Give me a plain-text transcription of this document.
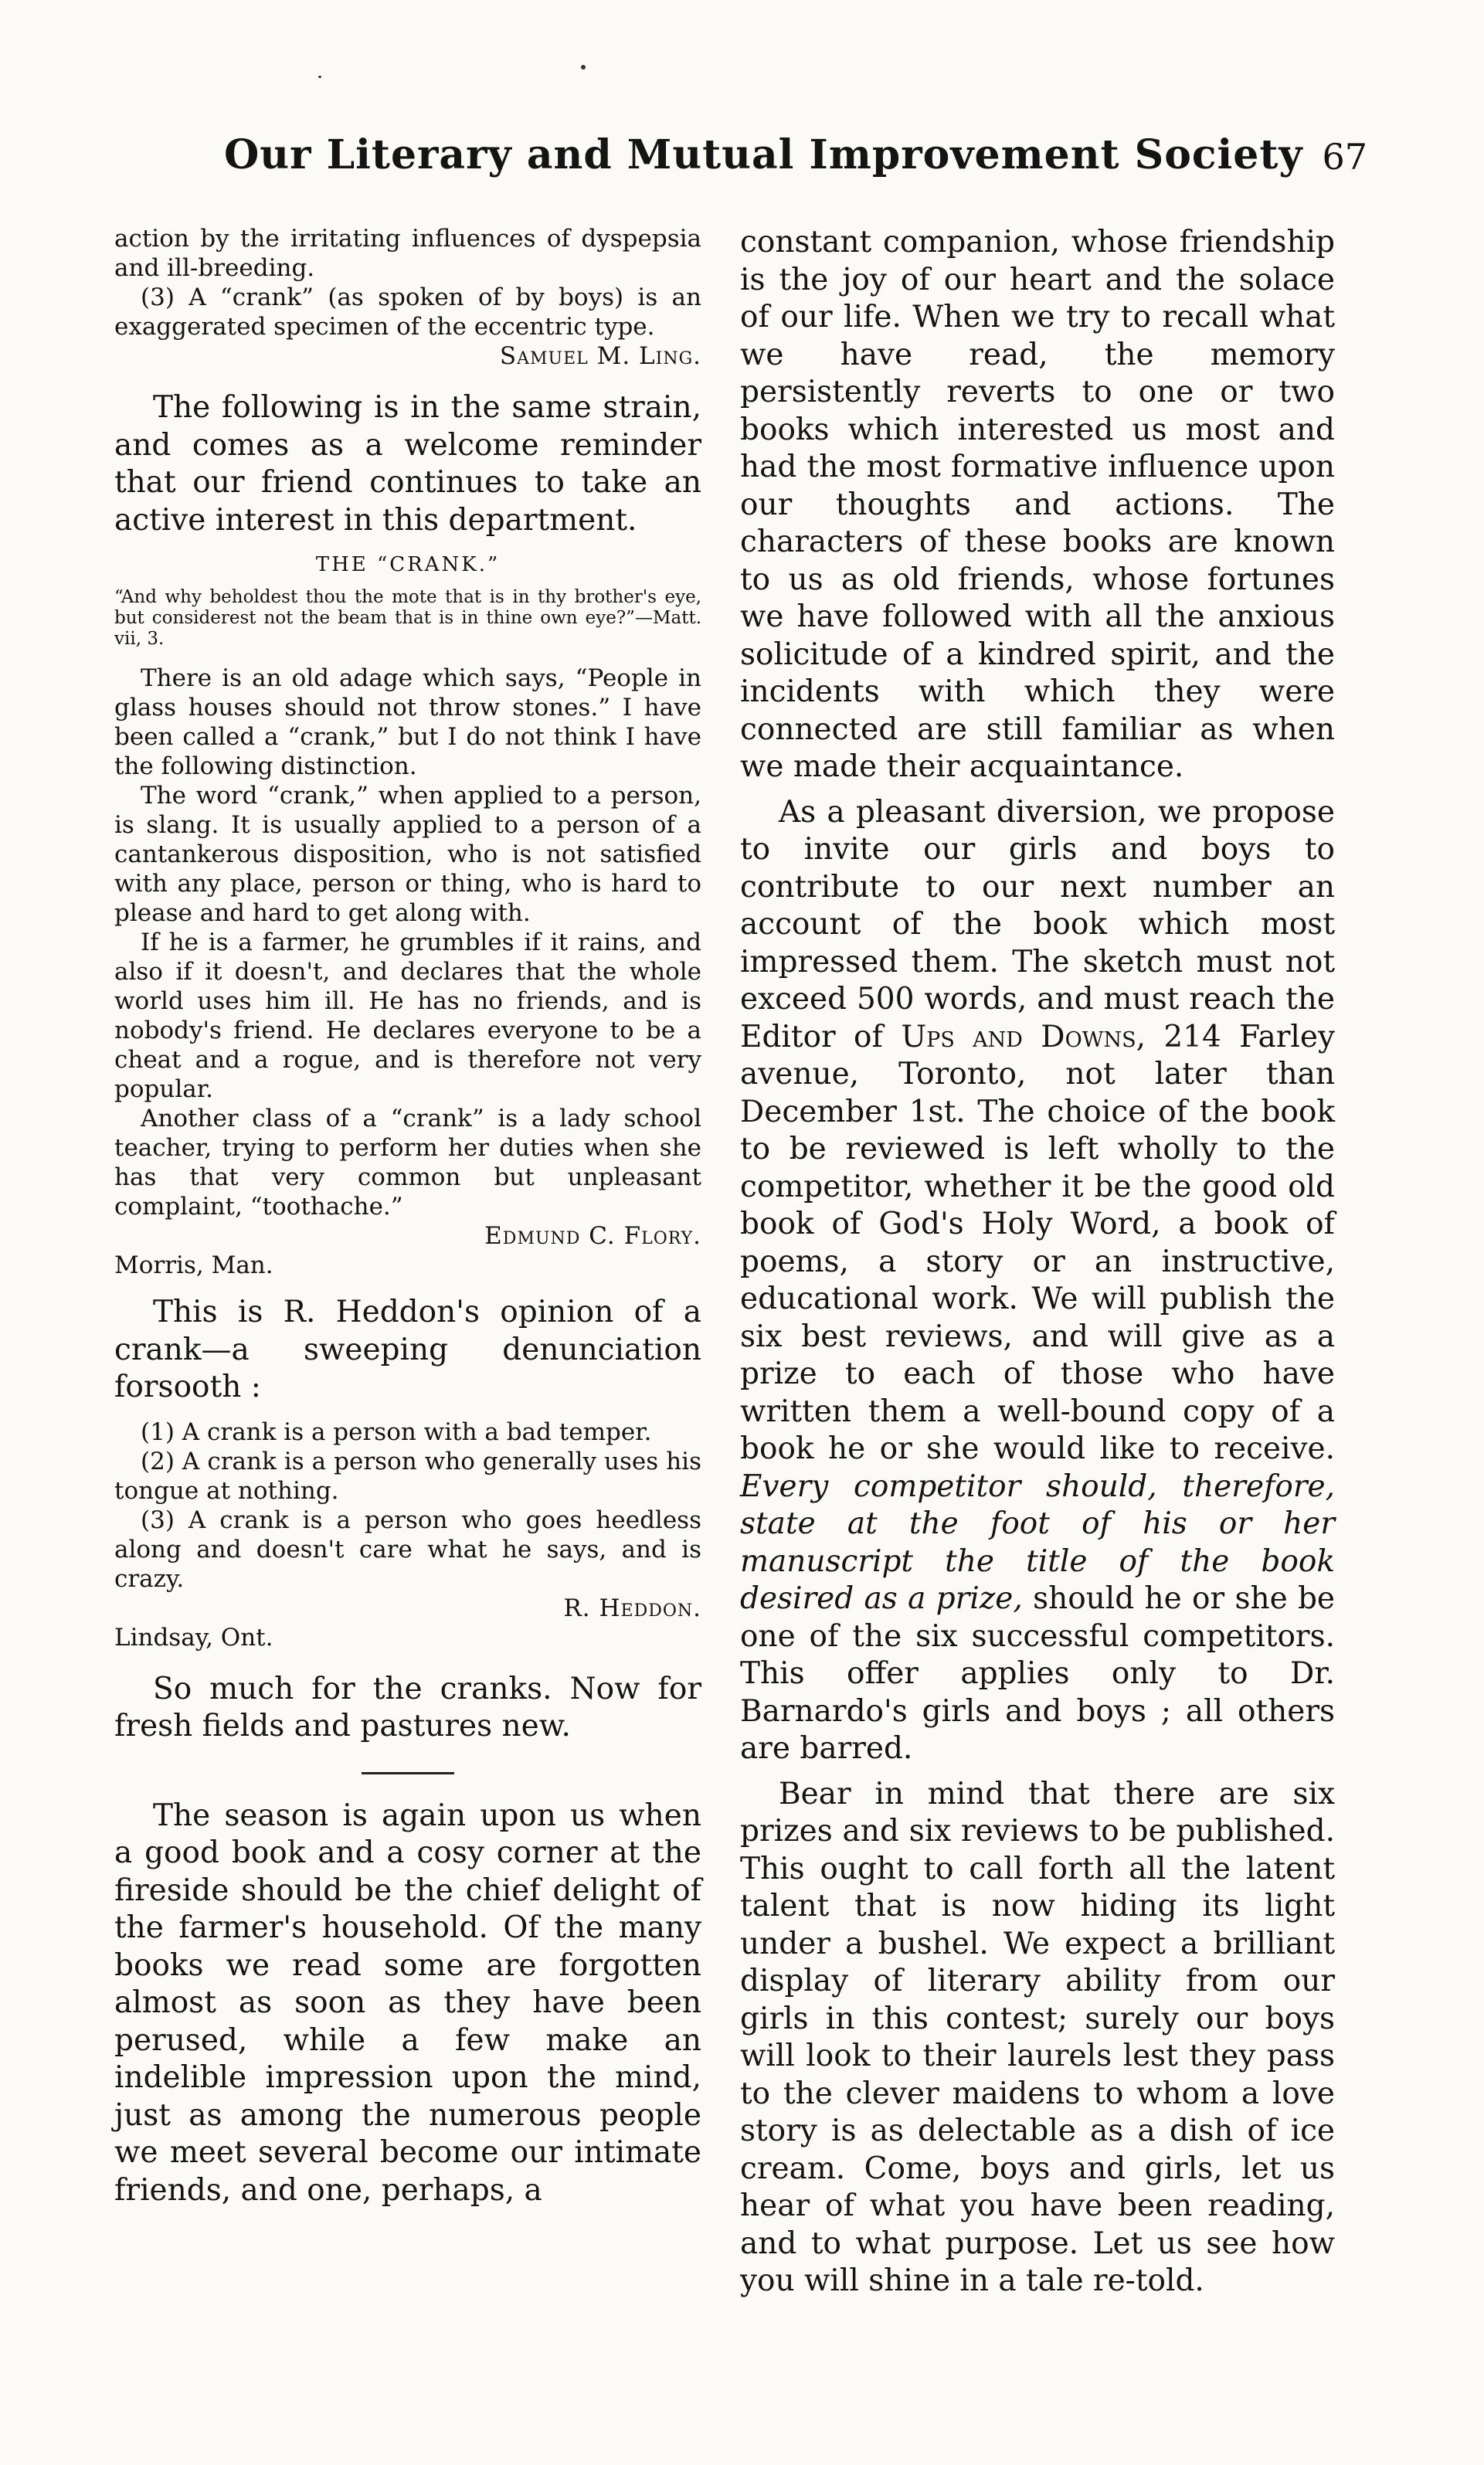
Our Literary and Mutual Improvement Society 67

action by the irritating influences of dyspepsia and ill-breeding.

(3) A “crank” (as spoken of by boys) is an exaggerated specimen of the eccentric type.

Samuel M. Ling.

The following is in the same strain, and comes as a welcome reminder that our friend continues to take an active interest in this department.

THE “CRANK.”

“And why beholdest thou the mote that is in thy brother's eye, but considerest not the beam that is in thine own eye?”—Matt. vii, 3.

There is an old adage which says, “People in glass houses should not throw stones.” I have been called a “crank,” but I do not think I have the following distinction.

The word “crank,” when applied to a person, is slang. It is usually applied to a person of a cantankerous disposition, who is not satisfied with any place, person or thing, who is hard to please and hard to get along with.

If he is a farmer, he grumbles if it rains, and also if it doesn't, and declares that the whole world uses him ill. He has no friends, and is nobody's friend. He declares everyone to be a cheat and a rogue, and is therefore not very popular.

Another class of a “crank” is a lady school teacher, trying to perform her duties when she has that very common but unpleasant complaint, “toothache.”

Edmund C. Flory.

Morris, Man.

This is R. Heddon's opinion of a crank—a sweeping denunciation forsooth :

(1) A crank is a person with a bad temper.

(2) A crank is a person who generally uses his tongue at nothing.

(3) A crank is a person who goes heedless along and doesn't care what he says, and is crazy.

R. Heddon.

Lindsay, Ont.

So much for the cranks. Now for fresh fields and pastures new.

The season is again upon us when a good book and a cosy corner at the fireside should be the chief delight of the farmer's household. Of the many books we read some are forgotten almost as soon as they have been perused, while a few make an indelible impression upon the mind, just as among the numerous people we meet several become our intimate friends, and one, perhaps, a

constant companion, whose friendship is the joy of our heart and the solace of our life. When we try to recall what we have read, the memory persistently reverts to one or two books which interested us most and had the most formative influence upon our thoughts and actions. The characters of these books are known to us as old friends, whose fortunes we have followed with all the anxious solicitude of a kindred spirit, and the incidents with which they were connected are still familiar as when we made their acquaintance.

As a pleasant diversion, we propose to invite our girls and boys to contribute to our next number an account of the book which most impressed them. The sketch must not exceed 500 words, and must reach the Editor of Ups and Downs, 214 Farley avenue, Toronto, not later than December 1st. The choice of the book to be reviewed is left wholly to the competitor, whether it be the good old book of God's Holy Word, a book of poems, a story or an instructive, educational work. We will publish the six best reviews, and will give as a prize to each of those who have written them a well-bound copy of a book he or she would like to receive. Every competitor should, therefore, state at the foot of his or her manuscript the title of the book desired as a prize, should he or she be one of the six successful competitors. This offer applies only to Dr. Barnardo's girls and boys ; all others are barred.

Bear in mind that there are six prizes and six reviews to be published. This ought to call forth all the latent talent that is now hiding its light under a bushel. We expect a brilliant display of literary ability from our girls in this contest; surely our boys will look to their laurels lest they pass to the clever maidens to whom a love story is as delectable as a dish of ice cream. Come, boys and girls, let us hear of what you have been reading, and to what purpose. Let us see how you will shine in a tale re-told.
